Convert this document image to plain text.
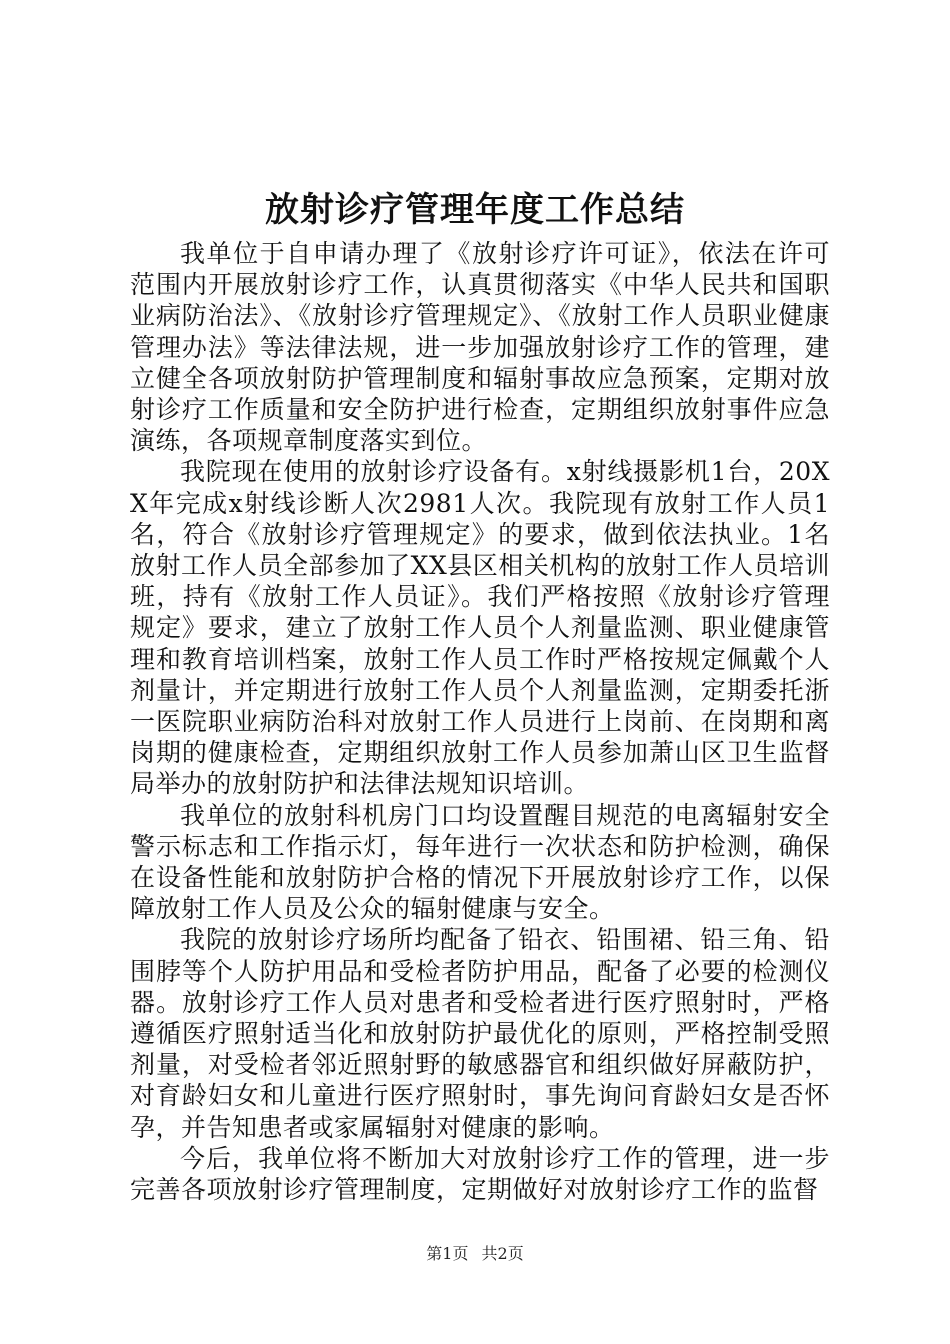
放射诊疗管理年度工作总结

我单位于自申请办理了《放射诊疗许可证》，依法在许可范围内开展放射诊疗工作，认真贯彻落实《中华人民共和国职业病防治法》、《放射诊疗管理规定》、《放射工作人员职业健康管理办法》等法律法规，进一步加强放射诊疗工作的管理，建立健全各项放射防护管理制度和辐射事故应急预案，定期对放射诊疗工作质量和安全防护进行检查，定期组织放射事件应急演练，各项规章制度落实到位。

我院现在使用的放射诊疗设备有。x射线摄影机1台，20XX年完成x射线诊断人次2981人次。我院现有放射工作人员1名，符合《放射诊疗管理规定》的要求，做到依法执业。1名放射工作人员全部参加了XX县区相关机构的放射工作人员培训班，持有《放射工作人员证》。我们严格按照《放射诊疗管理规定》要求，建立了放射工作人员个人剂量监测、职业健康管理和教育培训档案，放射工作人员工作时严格按规定佩戴个人剂量计，并定期进行放射工作人员个人剂量监测，定期委托浙一医院职业病防治科对放射工作人员进行上岗前、在岗期和离岗期的健康检查，定期组织放射工作人员参加萧山区卫生监督局举办的放射防护和法律法规知识培训。

我单位的放射科机房门口均设置醒目规范的电离辐射安全警示标志和工作指示灯，每年进行一次状态和防护检测，确保在设备性能和放射防护合格的情况下开展放射诊疗工作，以保障放射工作人员及公众的辐射健康与安全。

我院的放射诊疗场所均配备了铅衣、铅围裙、铅三角、铅围脖等个人防护用品和受检者防护用品，配备了必要的检测仪器。放射诊疗工作人员对患者和受检者进行医疗照射时，严格遵循医疗照射适当化和放射防护最优化的原则，严格控制受照剂量，对受检者邻近照射野的敏感器官和组织做好屏蔽防护，对育龄妇女和儿童进行医疗照射时，事先询问育龄妇女是否怀孕，并告知患者或家属辐射对健康的影响。

今后，我单位将不断加大对放射诊疗工作的管理，进一步完善各项放射诊疗管理制度，定期做好对放射诊疗工作的监督

第1页 共2页
